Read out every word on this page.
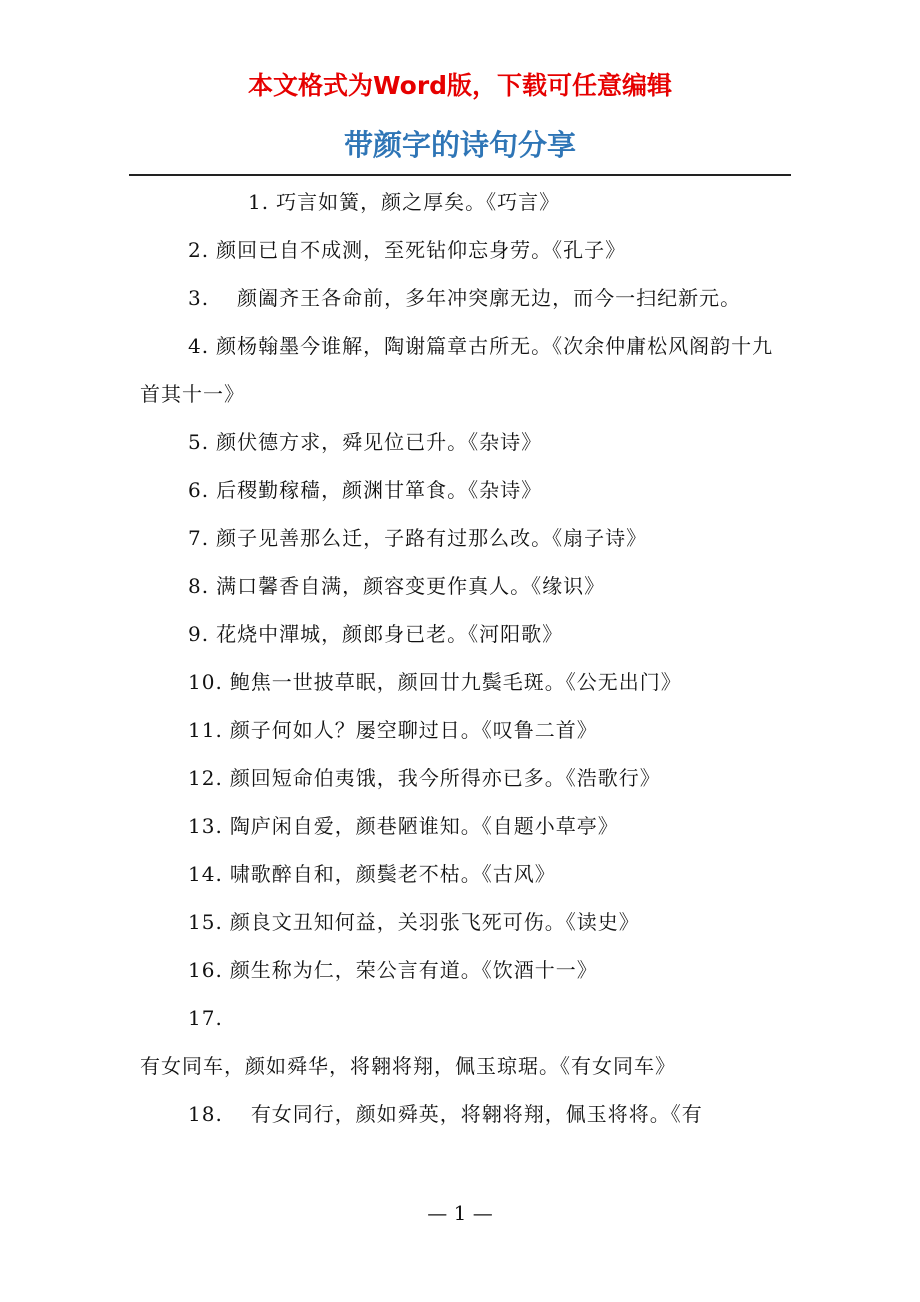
本文格式为Word版，下载可任意编辑
带颜字的诗句分享
1. 巧言如簧，颜之厚矣。《巧言》
2. 颜回已自不成测，至死钻仰忘身劳。《孔子》
3. 颜阖齐王各命前，多年冲突廓无边，而今一扫纪新元。
4. 颜杨翰墨今谁解，陶谢篇章古所无。《次余仲庸松风阁韵十九首其十一》
5. 颜伏德方求，舜见位已升。《杂诗》
6. 后稷勤稼穑，颜渊甘箪食。《杂诗》
7. 颜子见善那么迁，子路有过那么改。《扇子诗》
8. 满口馨香自满，颜容变更作真人。《缘识》
9. 花烧中潬城，颜郎身已老。《河阳歌》
10. 鲍焦一世披草眠，颜回廿九鬓毛斑。《公无出门》
11. 颜子何如人？屡空聊过日。《叹鲁二首》
12. 颜回短命伯夷饿，我今所得亦已多。《浩歌行》
13. 陶庐闲自爱，颜巷陋谁知。《自题小草亭》
14. 啸歌醉自和，颜鬓老不枯。《古风》
15. 颜良文丑知何益，关羽张飞死可伤。《读史》
16. 颜生称为仁，荣公言有道。《饮酒十一》
17.有女同车，颜如舜华，将翱将翔，佩玉琼琚。《有女同车》
18. 有女同行，颜如舜英，将翱将翔，佩玉将将。《有
— 1 —
